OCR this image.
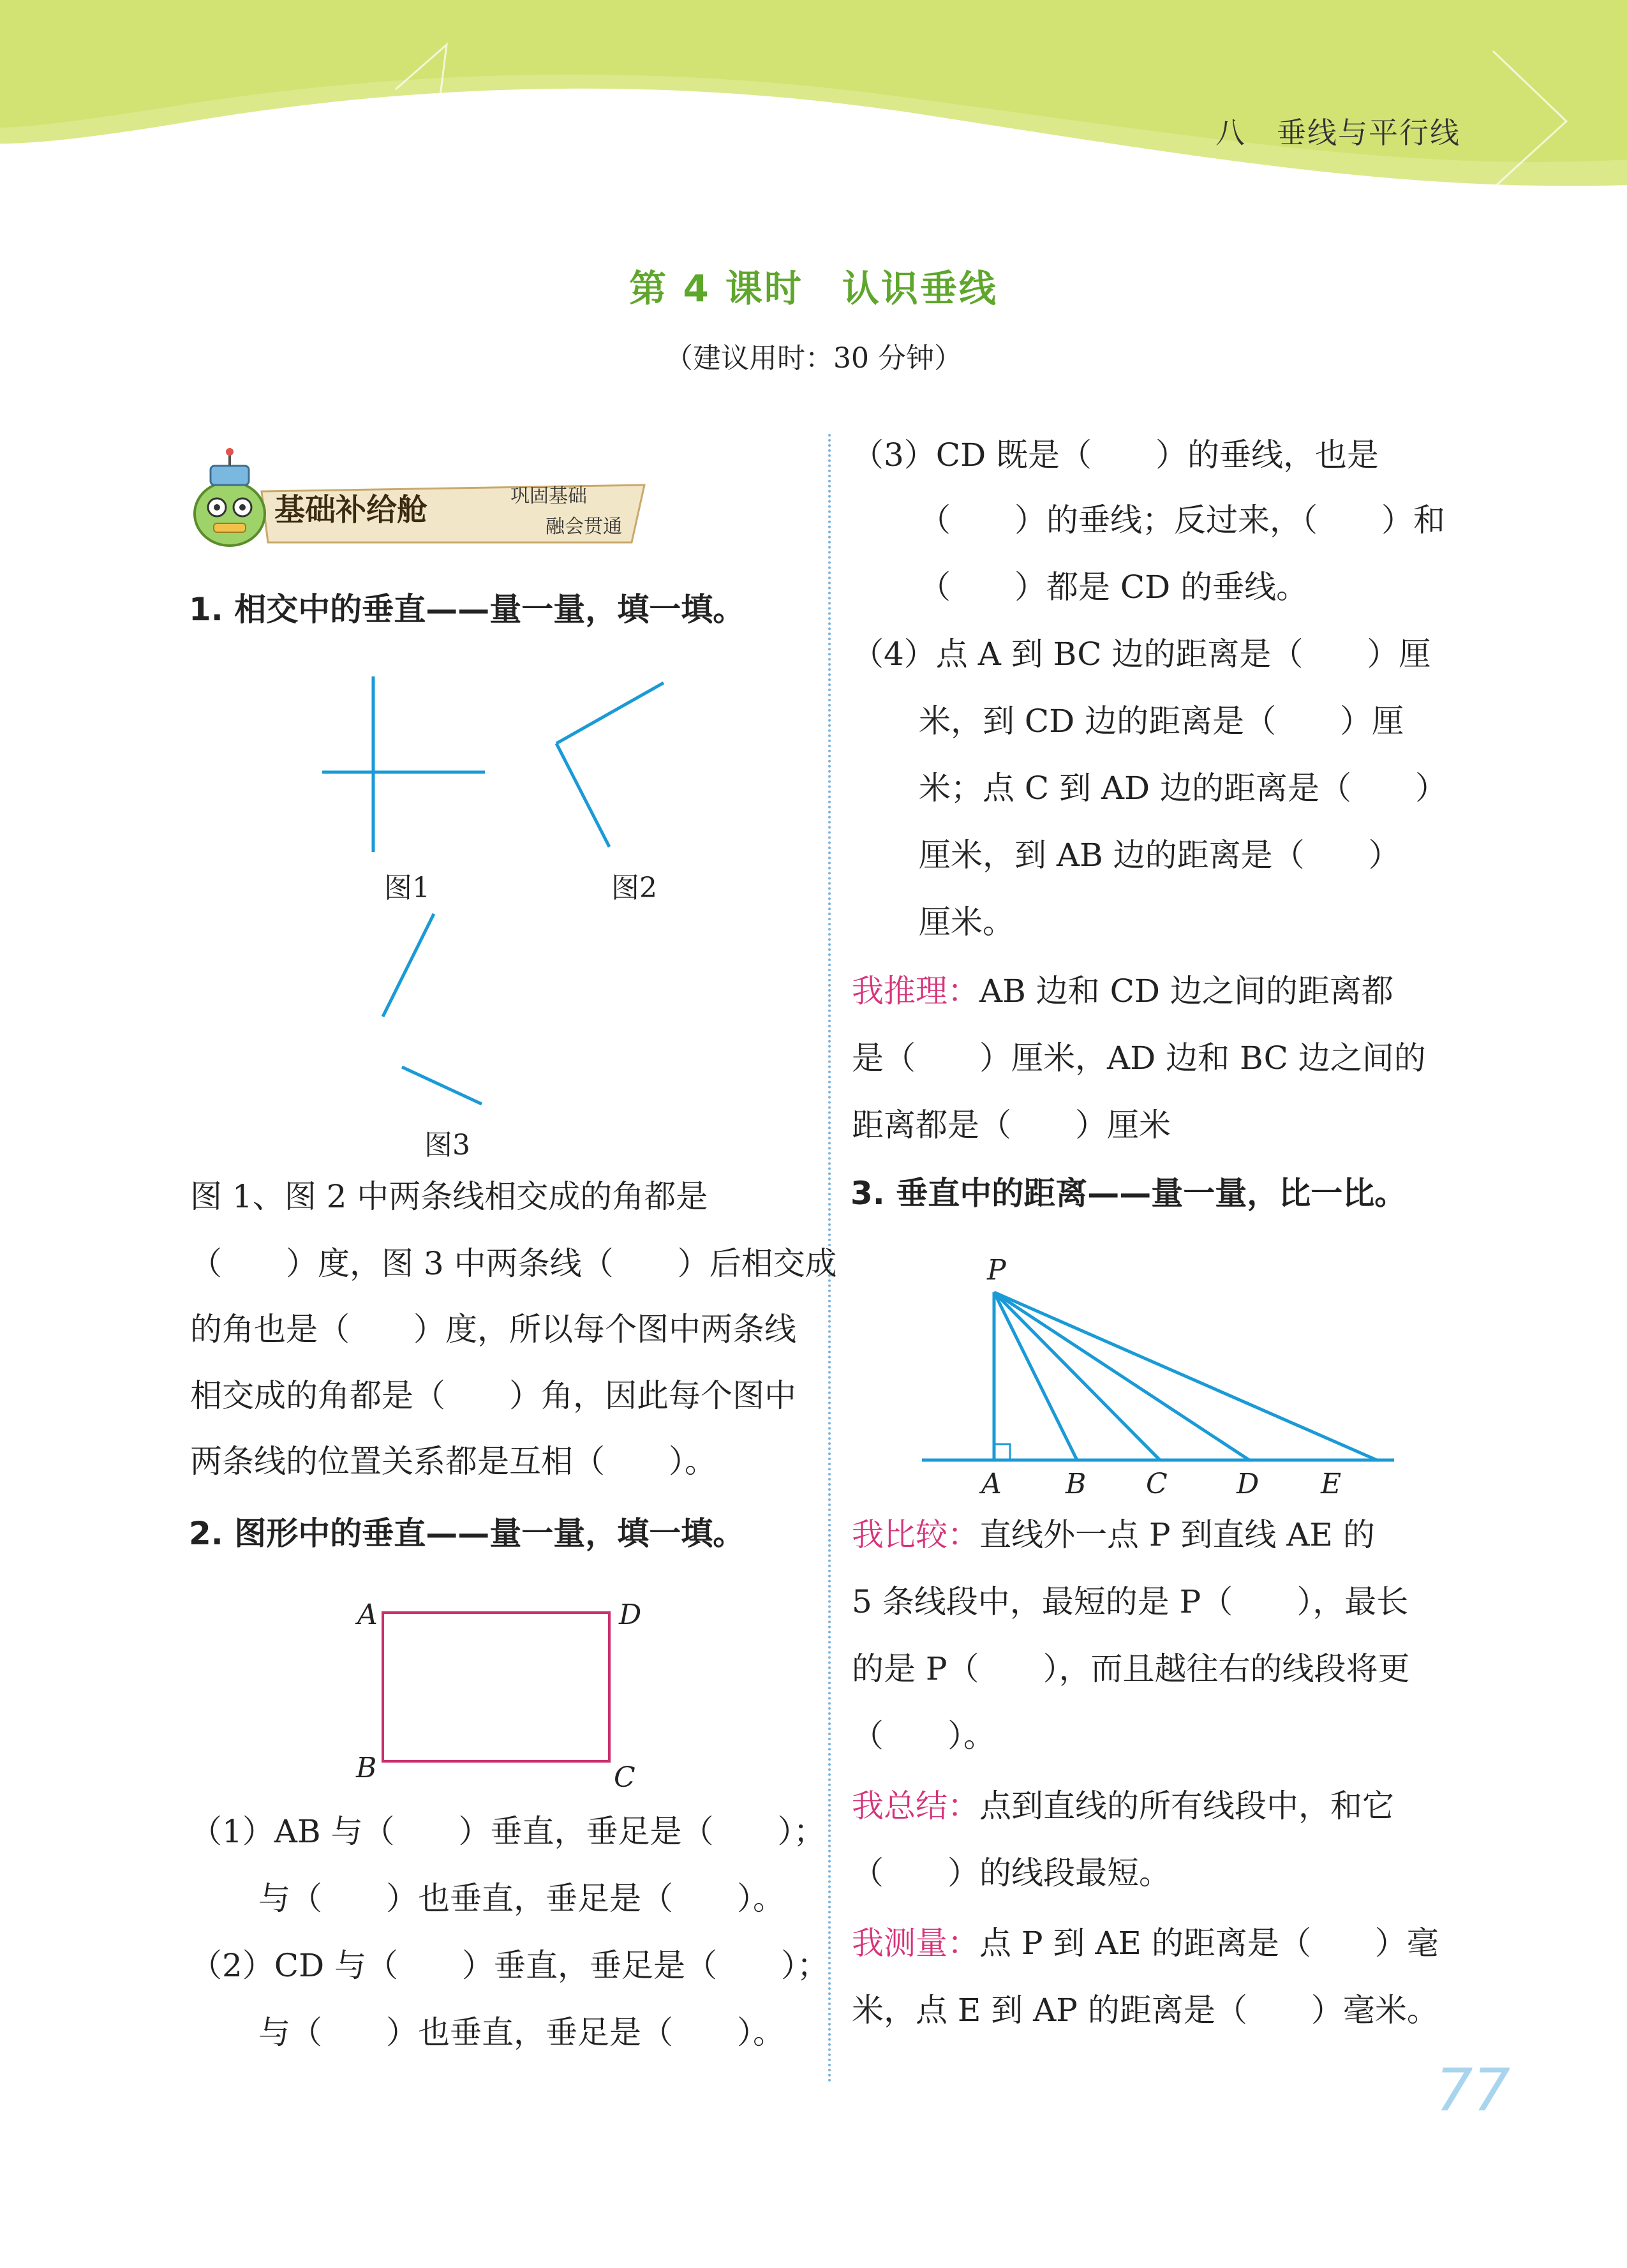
八　垂线与平行线
第 4 课时　认识垂线
（建议用时：30 分钟）
基础补给舱	巩固基础
融会贯通
1. 相交中的垂直——量一量，填一填。
图1	图2
图3
图 1、图 2 中两条线相交成的角都是
（　　）度，图 3 中两条线（　　）后相交成
的角也是（　　）度，所以每个图中两条线
相交成的角都是（　　）角，因此每个图中
两条线的位置关系都是互相（　　）。
2. 图形中的垂直——量一量，填一填。
A	D
B	C
（1）AB 与（　　）垂直，垂足是（　　）；
与（　　）也垂直，垂足是（　　）。
（2）CD 与（　　）垂直，垂足是（　　）；
与（　　）也垂直，垂足是（　　）。
（3）CD 既是（　　）的垂线，也是
（　　）的垂线；反过来，（　　）和
（　　）都是 CD 的垂线。
（4）点 A 到 BC 边的距离是（　　）厘
米，到 CD 边的距离是（　　）厘
米；点 C 到 AD 边的距离是（　　）
厘米，到 AB 边的距离是（　　）
厘米。
我推理：AB 边和 CD 边之间的距离都
是（　　）厘米，AD 边和 BC 边之间的
距离都是（　　）厘米
3. 垂直中的距离——量一量，比一比。
P
A B C D E
我比较：直线外一点 P 到直线 AE 的
5 条线段中，最短的是 P（　　），最长
的是 P（　　），而且越往右的线段将更
（　　）。
我总结：点到直线的所有线段中，和它
（　　）的线段最短。
我测量：点 P 到 AE 的距离是（　　）毫
米，点 E 到 AP 的距离是（　　）毫米。
77
